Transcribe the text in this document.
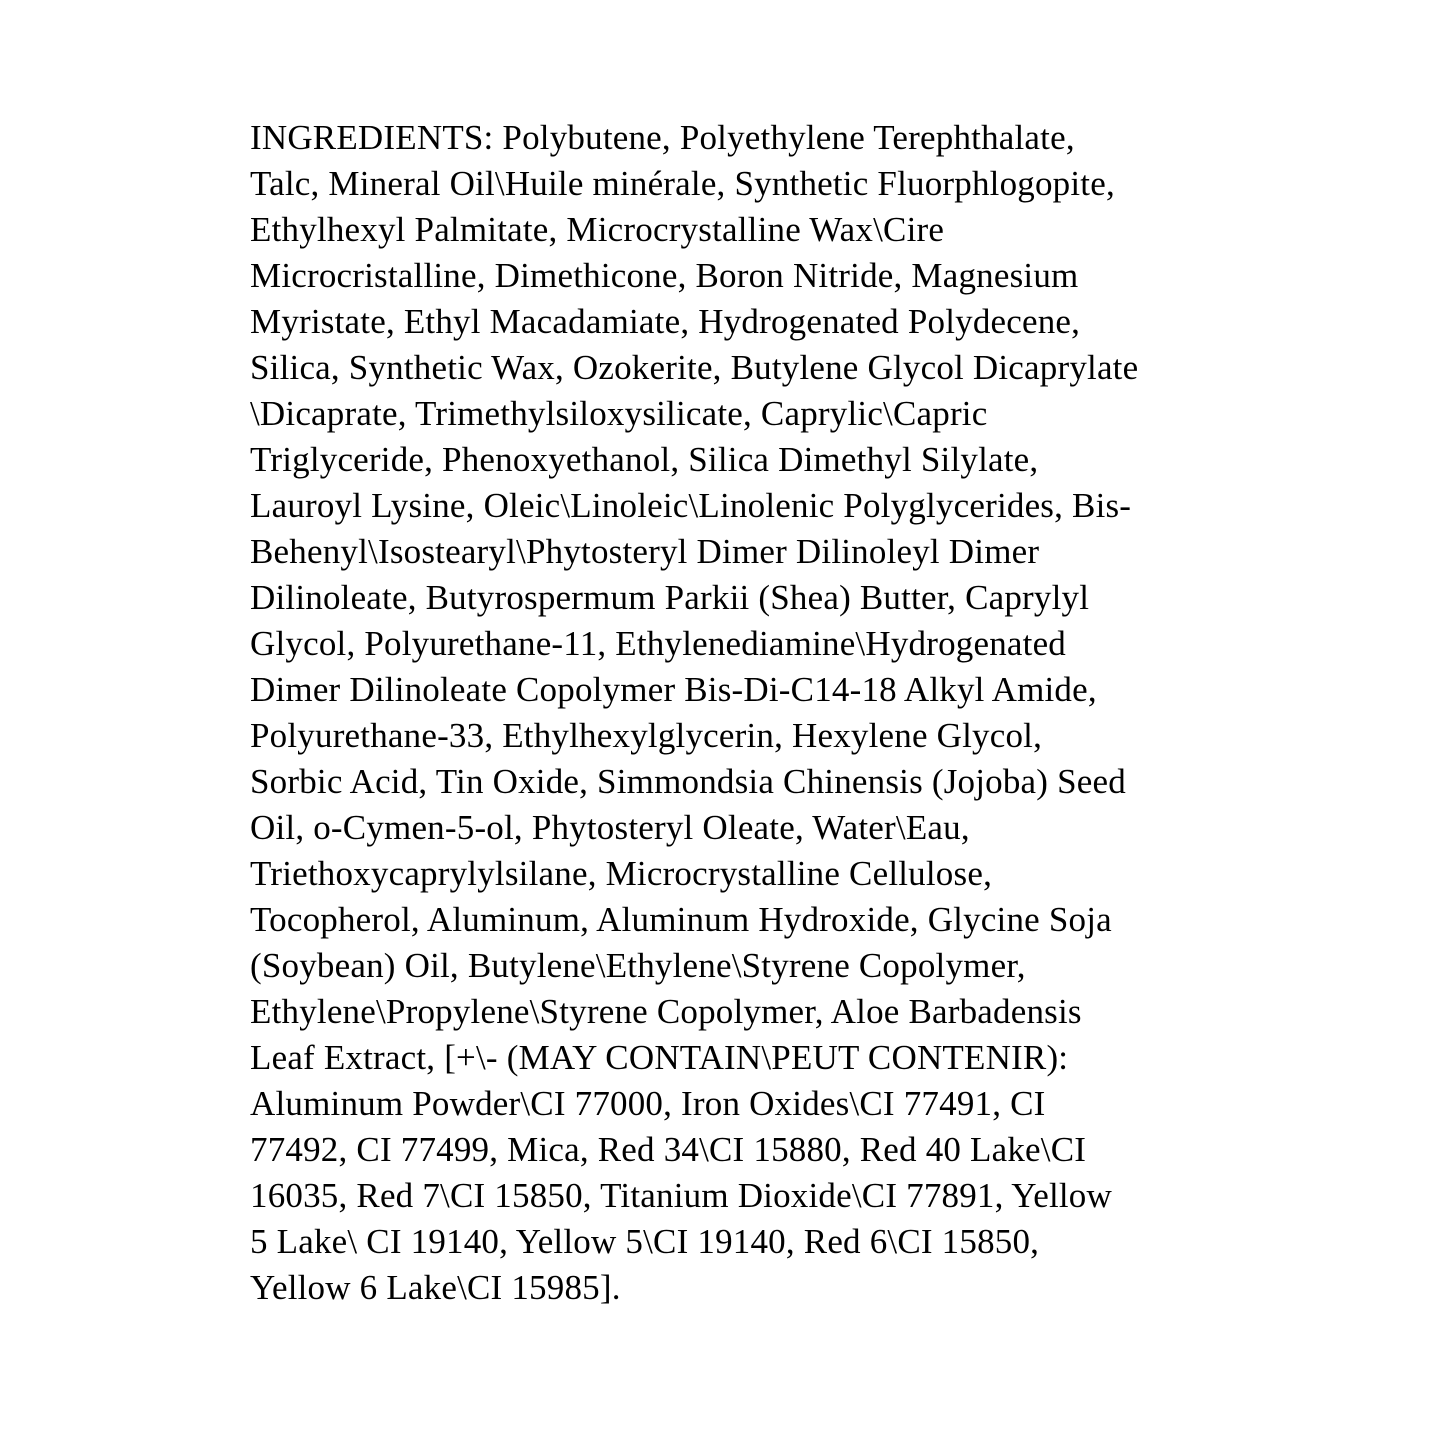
INGREDIENTS: Polybutene, Polyethylene Terephthalate,
Talc, Mineral Oil\Huile minérale, Synthetic Fluorphlogopite,
Ethylhexyl Palmitate, Microcrystalline Wax\Cire
Microcristalline, Dimethicone, Boron Nitride, Magnesium
Myristate, Ethyl Macadamiate, Hydrogenated Polydecene,
Silica, Synthetic Wax, Ozokerite, Butylene Glycol Dicaprylate
\Dicaprate, Trimethylsiloxysilicate, Caprylic\Capric
Triglyceride, Phenoxyethanol, Silica Dimethyl Silylate,
Lauroyl Lysine, Oleic\Linoleic\Linolenic Polyglycerides, Bis-
Behenyl\Isostearyl\Phytosteryl Dimer Dilinoleyl Dimer
Dilinoleate, Butyrospermum Parkii (Shea) Butter, Caprylyl
Glycol, Polyurethane-11, Ethylenediamine\Hydrogenated
Dimer Dilinoleate Copolymer Bis-Di-C14-18 Alkyl Amide,
Polyurethane-33, Ethylhexylglycerin, Hexylene Glycol,
Sorbic Acid, Tin Oxide, Simmondsia Chinensis (Jojoba) Seed
Oil, o-Cymen-5-ol, Phytosteryl Oleate, Water\Eau,
Triethoxycaprylylsilane, Microcrystalline Cellulose,
Tocopherol, Aluminum, Aluminum Hydroxide, Glycine Soja
(Soybean) Oil, Butylene\Ethylene\Styrene Copolymer,
Ethylene\Propylene\Styrene Copolymer, Aloe Barbadensis
Leaf Extract, [+\- (MAY CONTAIN\PEUT CONTENIR):
Aluminum Powder\CI 77000, Iron Oxides\CI 77491, CI
77492, CI 77499, Mica, Red 34\CI 15880, Red 40 Lake\CI
16035, Red 7\CI 15850, Titanium Dioxide\CI 77891, Yellow
5 Lake\ CI 19140, Yellow 5\CI 19140, Red 6\CI 15850,
Yellow 6 Lake\CI 15985].
